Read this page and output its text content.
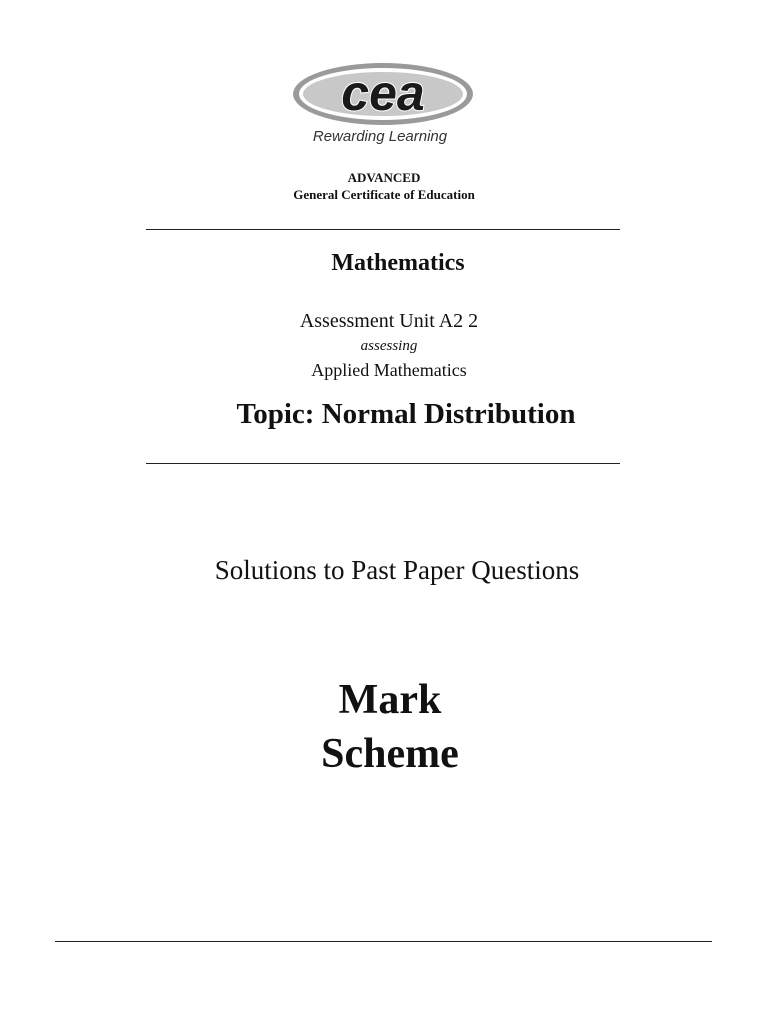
cea
Rewarding Learning
ADVANCED
General Certificate of Education
Mathematics
Assessment Unit A2 2
assessing
Applied Mathematics
Topic: Normal Distribution
Solutions to Past Paper Questions
Mark
Scheme
